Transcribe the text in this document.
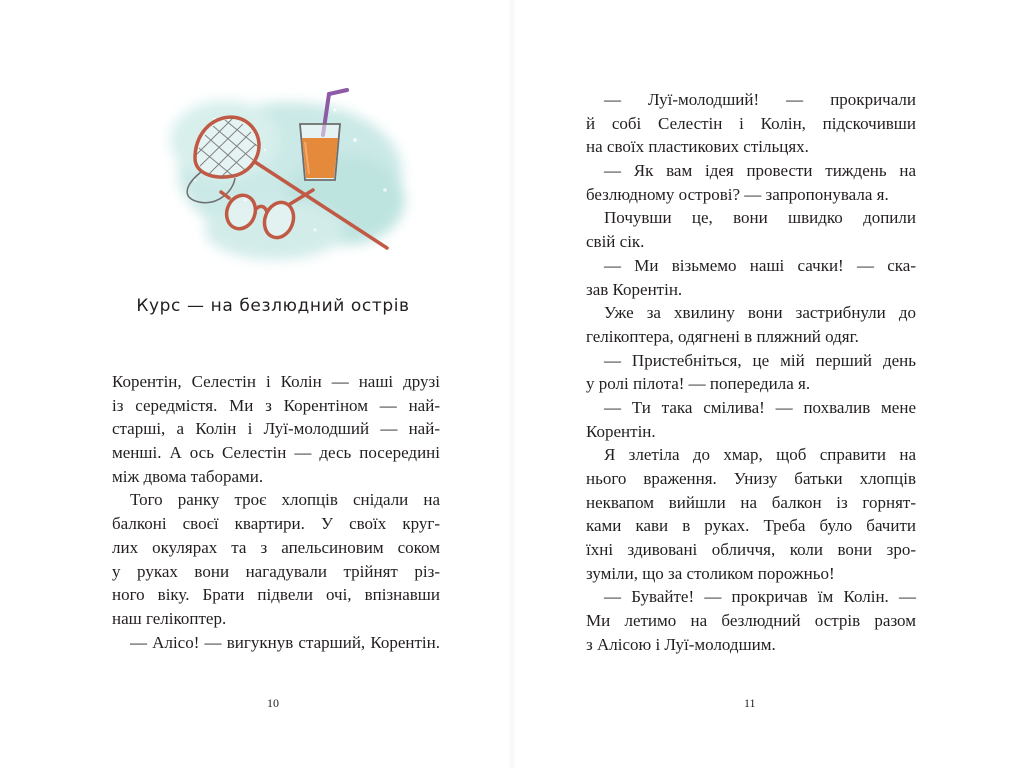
Курс — на безлюдний острів
Корентін, Селестін і Колін — наші друзі
із середмістя. Ми з Корентіном — най-
старші, а Колін і Луї-молодший — най-
менші. А ось Селестін — десь посередині
між двома таборами.
Того ранку троє хлопців снідали на
балконі своєї квартири. У своїх круг-
лих окулярах та з апельсиновим соком
у руках вони нагадували трійнят різ-
ного віку. Брати підвели очі, впізнавши
наш гелікоптер.
— Алісо! — вигукнув старший, Корентін.
10	11
— Луї-молодший! — прокричали
й собі Селестін і Колін, підскочивши
на своїх пластикових стільцях.
— Як вам ідея провести тиждень на
безлюдному острові? — запропонувала я.
Почувши це, вони швидко допили
свій сік.
— Ми візьмемо наші сачки! — ска-
зав Корентін.
Уже за хвилину вони застрибнули до
гелікоптера, одягнені в пляжний одяг.
— Пристебніться, це мій перший день
у ролі пілота! — попередила я.
— Ти така смілива! — похвалив мене
Корентін.
Я злетіла до хмар, щоб справити на
нього враження. Унизу батьки хлопців
неквапом вийшли на балкон із горнят-
ками кави в руках. Треба було бачити
їхні здивовані обличчя, коли вони зро-
зуміли, що за столиком порожньо!
— Бувайте! — прокричав їм Колін. —
Ми летимо на безлюдний острів разом
з Алісою і Луї-молодшим.
